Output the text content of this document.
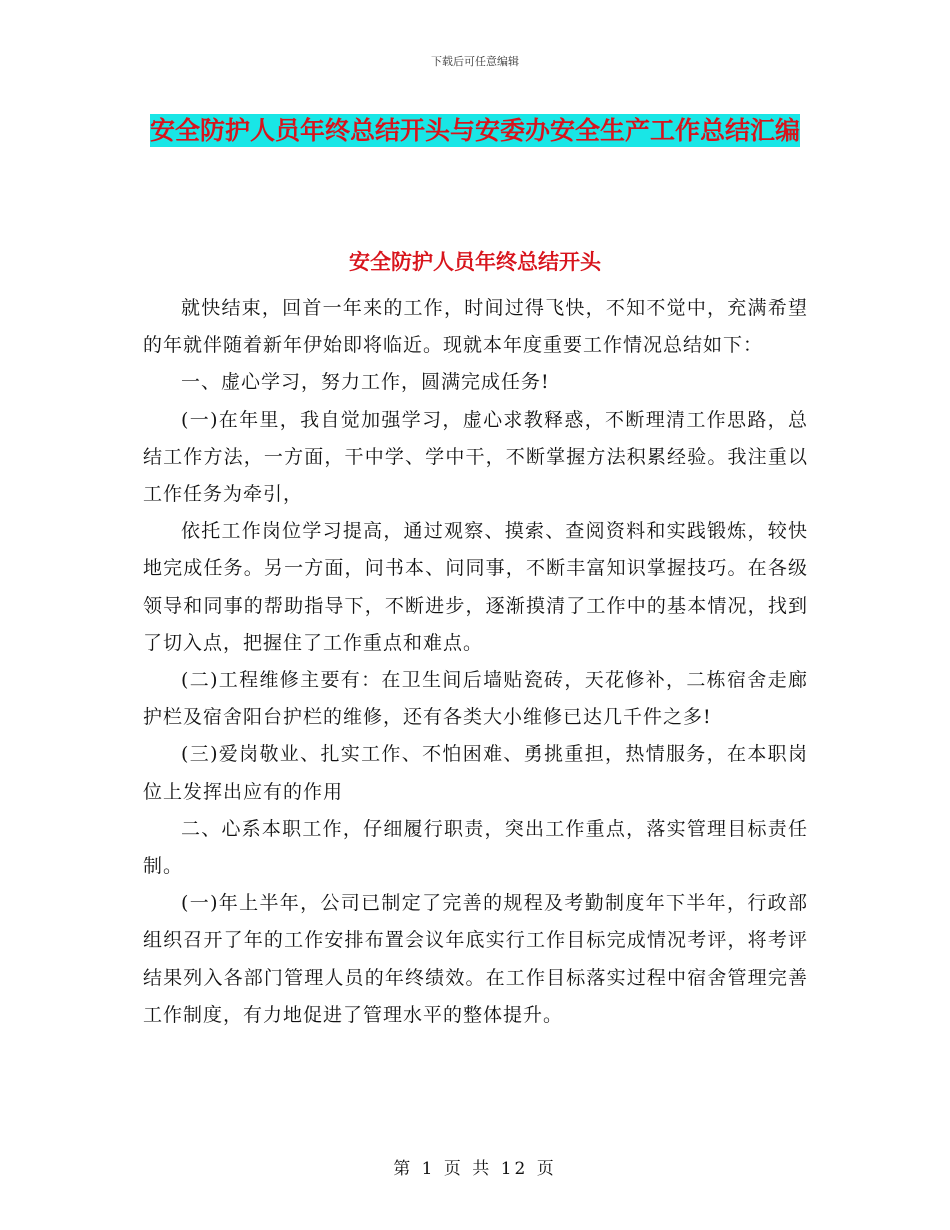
下载后可任意编辑
安全防护人员年终总结开头与安委办安全生产工作总结汇编
安全防护人员年终总结开头

就快结束，回首一年来的工作，时间过得飞快，不知不觉中，充满希望的年就伴随着新年伊始即将临近。现就本年度重要工作情况总结如下：

一、虚心学习，努力工作，圆满完成任务!

(一)在年里，我自觉加强学习，虚心求教释惑，不断理清工作思路，总结工作方法，一方面，干中学、学中干，不断掌握方法积累经验。我注重以工作任务为牵引，

依托工作岗位学习提高，通过观察、摸索、查阅资料和实践锻炼，较快地完成任务。另一方面，问书本、问同事，不断丰富知识掌握技巧。在各级领导和同事的帮助指导下，不断进步，逐渐摸清了工作中的基本情况，找到了切入点，把握住了工作重点和难点。

(二)工程维修主要有：在卫生间后墙贴瓷砖，天花修补，二栋宿舍走廊护栏及宿舍阳台护栏的维修，还有各类大小维修已达几千件之多!

(三)爱岗敬业、扎实工作、不怕困难、勇挑重担，热情服务，在本职岗位上发挥出应有的作用

二、心系本职工作，仔细履行职责，突出工作重点，落实管理目标责任制。

(一)年上半年，公司已制定了完善的规程及考勤制度年下半年，行政部组织召开了年的工作安排布置会议年底实行工作目标完成情况考评，将考评结果列入各部门管理人员的年终绩效。在工作目标落实过程中宿舍管理完善工作制度，有力地促进了管理水平的整体提升。

第 1 页 共 12 页
